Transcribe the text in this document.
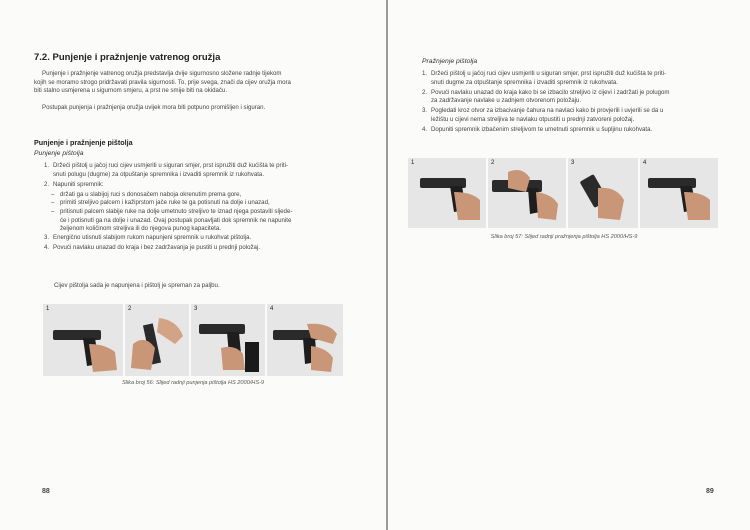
7.2. Punjenje i pražnjenje vatrenog oružja
Punjenje i pražnjenje vatrenog oružja predstavlja dvije sigurnosno složene radnje tijekom
kojih se moramo strogo pridržavati pravila sigurnosti. To, prije svega, znači da cijev oružja mora
biti stalno usmjerena u sigurnom smjeru, a prst ne smije biti na okidaču.
Postupak punjenja i pražnjenja oružja uvijek mora biti potpuno promišljen i siguran.
Punjenje i pražnjenje pištolja
Punjenje pištolja
1. Držeći pištolj u jačoj ruci cijev usmjeriti u siguran smjer, prst ispružiti duž kućišta te priti-
snuti polugu (dugme) za otpuštanje spremnika i izvaditi spremnik iz rukohvata.
2. Napuniti spremnik:
– držati ga u slabijoj ruci s donosačem naboja okrenutim prema gore,
– primiti streljivo palcem i kažiprstom jače ruke te ga potisnuti na dolje i unazad,
– pritisnuti palcem slabije ruke na dolje umetnuto streljivo te iznad njega postaviti sljede-
će i potisnuti ga na dolje i unazad. Ovaj postupak ponavljati dok spremnik ne napunite
željenom količinom streljiva ili do njegova punog kapaciteta.
3. Energično utisnuti slabijom rukom napunjeni spremnik u rukohvat pištolja.
4. Povući navlaku unazad do kraja i bez zadržavanja je pustiti u prednji položaj.
Cijev pištolja sada je napunjena i pištolj je spreman za paljbu.
1	2	3	4
Slika broj 56: Slijed radnji punjenja pištolja HS 2000/HS-9
88
Pražnjenje pištolja
1. Držeći pištolj u jačoj ruci cijev usmjeriti u siguran smjer, prst ispružiti duž kućišta te priti-
snuti dugme za otpuštanje spremnika i izvaditi spremnik iz rukohvata.
2. Povući navlaku unazad do kraja kako bi se izbacilo streljivo iz cijevi i zadržati je polugom
za zadržavanje navlake u zadnjem otvorenom položaju.
3. Pogledati kroz otvor za izbacivanje čahura na navlaci kako bi provjerili i uvjerili se da u
ležištu u cijevi nema streljiva te navlaku otpustiti u prednji zatvoreni položaj.
4. Dopuniti spremnik izbačenim streljivom te umetnuti spremnik u šupljinu rukohvata.
1	2	3	4
Slika broj 57: Slijed radnji pražnjenja pištolja HS 2000/HS-9
89
